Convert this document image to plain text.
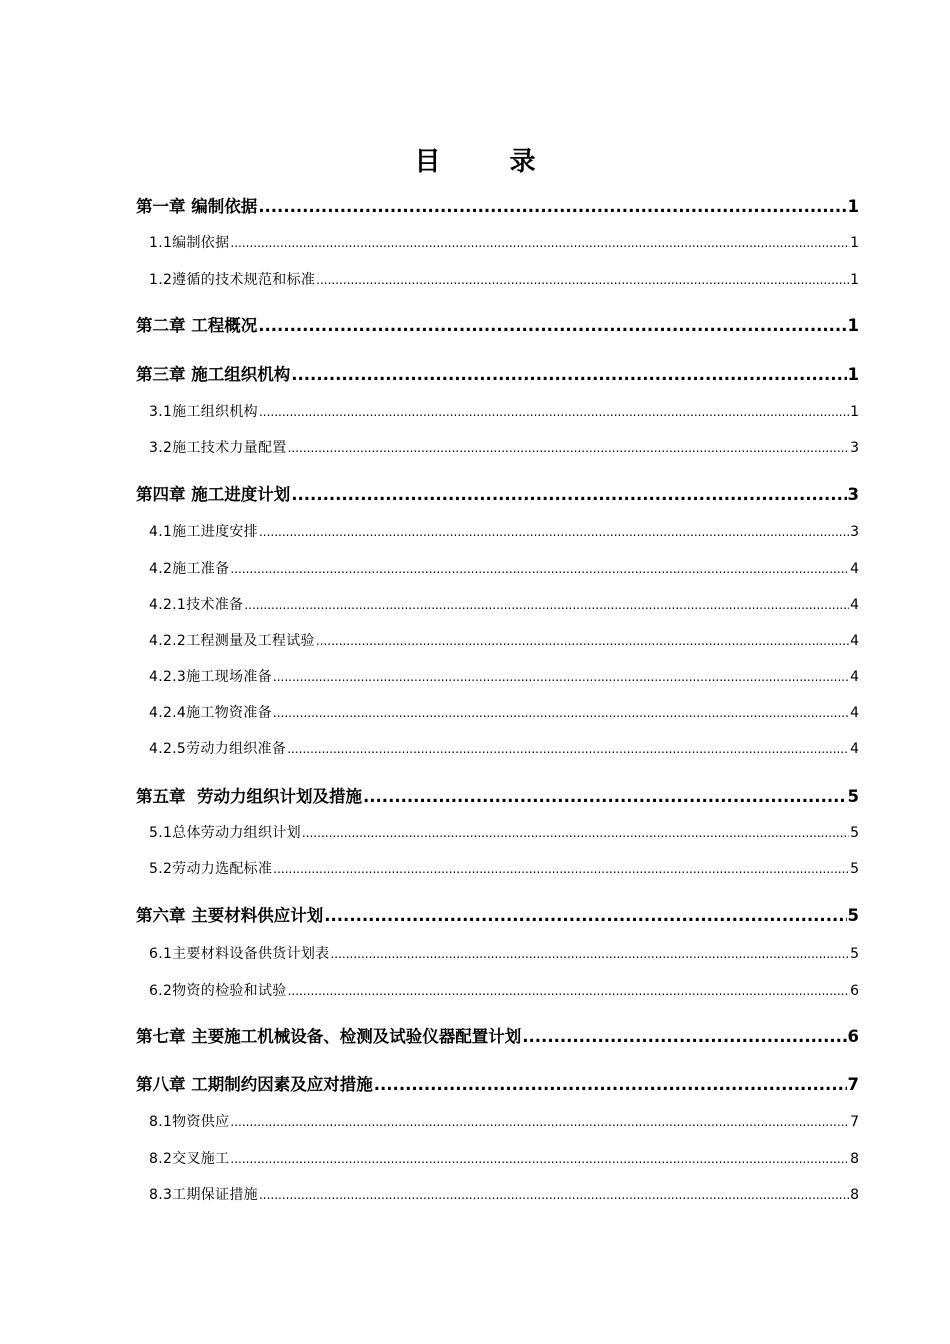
目 录
第一章 编制依据 .....	1
1.1编制依据 .....	1
1.2遵循的技术规范和标准 .....	1
第二章 工程概况 .....	1
第三章 施工组织机构 .....	1
3.1施工组织机构 .....	1
3.2施工技术力量配置 .....	3
第四章 施工进度计划 .....	3
4.1施工进度安排 .....	3
4.2施工准备 .....	4
4.2.1技术准备 .....	4
4.2.2工程测量及工程试验 .....	4
4.2.3施工现场准备 .....	4
4.2.4施工物资准备 .....	4
4.2.5劳动力组织准备 .....	4
第五章  劳动力组织计划及措施 .....	5
5.1总体劳动力组织计划 .....	5
5.2劳动力选配标准 .....	5
第六章 主要材料供应计划 .....	5
6.1主要材料设备供货计划表 .....	5
6.2物资的检验和试验 .....	6
第七章 主要施工机械设备、检测及试验仪器配置计划 .....	6
第八章 工期制约因素及应对措施 .....	7
8.1物资供应 .....	7
8.2交叉施工 .....	8
8.3工期保证措施 .....	8
